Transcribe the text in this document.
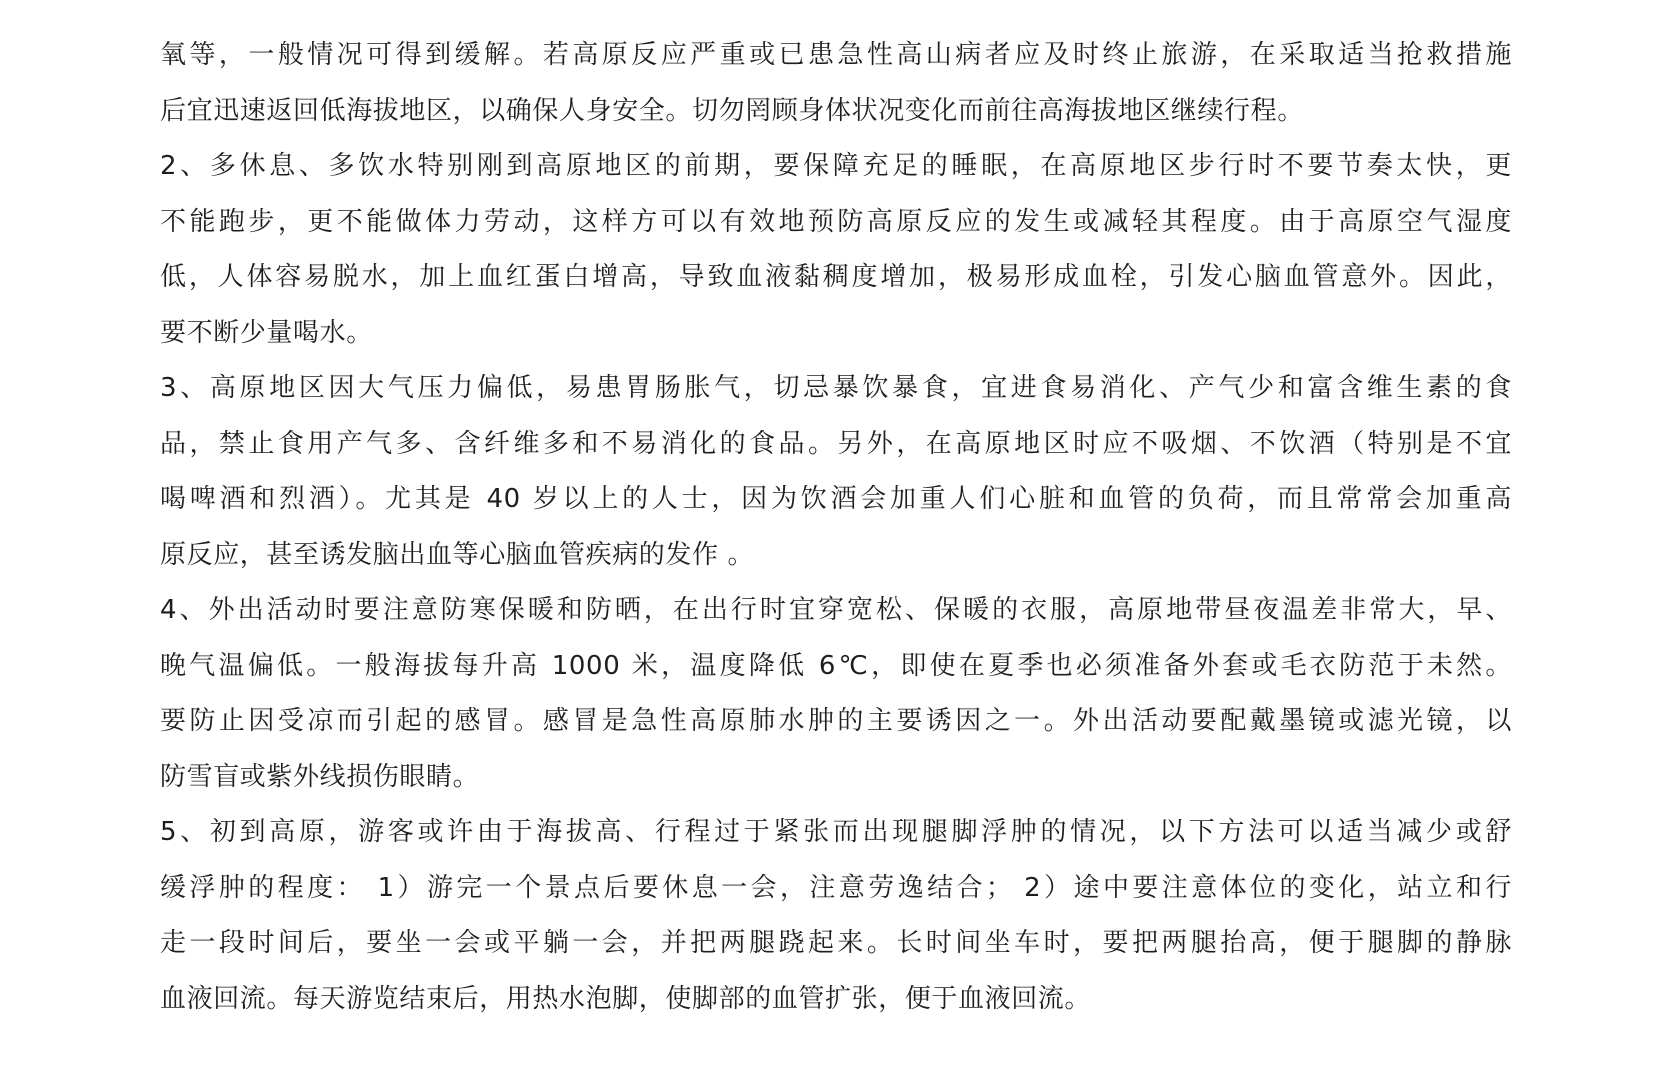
氧等，一般情况可得到缓解。若高原反应严重或已患急性高山病者应及时终止旅游，在采取适当抢救措施
后宜迅速返回低海拔地区，以确保人身安全。切勿罔顾身体状况变化而前往高海拔地区继续行程。

2、多休息、多饮水特别刚到高原地区的前期，要保障充足的睡眠，在高原地区步行时不要节奏太快，更
不能跑步，更不能做体力劳动，这样方可以有效地预防高原反应的发生或减轻其程度。由于高原空气湿度
低，人体容易脱水，加上血红蛋白增高，导致血液黏稠度增加，极易形成血栓，引发心脑血管意外。因此，
要不断少量喝水。

3、高原地区因大气压力偏低，易患胃肠胀气，切忌暴饮暴食，宜进食易消化、产气少和富含维生素的食
品，禁止食用产气多、含纤维多和不易消化的食品。另外，在高原地区时应不吸烟、不饮酒（特别是不宜
喝啤酒和烈酒）。尤其是 40 岁以上的人士，因为饮酒会加重人们心脏和血管的负荷，而且常常会加重高
原反应，甚至诱发脑出血等心脑血管疾病的发作 。

4、外出活动时要注意防寒保暖和防晒，在出行时宜穿宽松、保暖的衣服，高原地带昼夜温差非常大，早、
晚气温偏低。一般海拔每升高 1000 米，温度降低 6℃，即使在夏季也必须准备外套或毛衣防范于未然。
要防止因受凉而引起的感冒。感冒是急性高原肺水肿的主要诱因之一。外出活动要配戴墨镜或滤光镜，以
防雪盲或紫外线损伤眼睛。

5、初到高原，游客或许由于海拔高、行程过于紧张而出现腿脚浮肿的情况，以下方法可以适当减少或舒
缓浮肿的程度： 1）游完一个景点后要休息一会，注意劳逸结合； 2）途中要注意体位的变化，站立和行
走一段时间后，要坐一会或平躺一会，并把两腿跷起来。长时间坐车时，要把两腿抬高，便于腿脚的静脉
血液回流。每天游览结束后，用热水泡脚，使脚部的血管扩张，便于血液回流。
